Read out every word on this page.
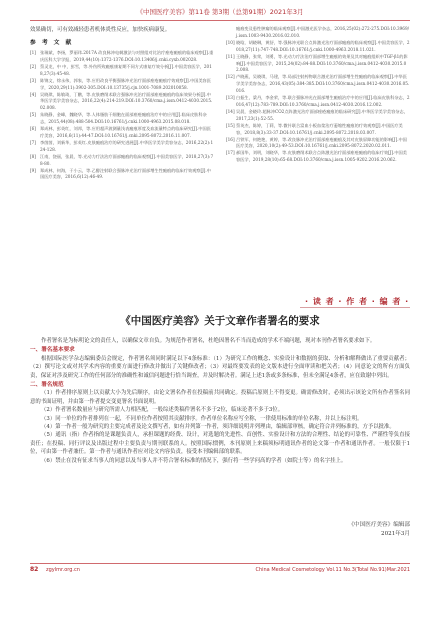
《中国医疗美容》第11卷 第3期（总第91期）2021年3月
效果确切，可有效减轻患者机体炎性反应，加快疾病康复。
参 考 文 献
[1] 张瑞斌，李扬，罗丽玮.2017A 改良脉冲电刺激法与对照组对比治疗痤疮瘢痕的临床观察[J].重庆医科大学学报，2019,44(10):1372-1376.DOI:10.13406/j.cnki.cyxb.002028.
[2] 蔡灵龙，中 中，彭雪，等.外伤所致瘢痕康复期不同方式康复疗效分析[J].中国美容医学，2018,27(3):45-48.
[3] 陈锦文，徐永伟，郭家，等.应用改良平衡强脉冲光治疗面部痤疮瘢痕疗效观察[J].中国美容医学，2020,29(11):3902-305.DOI:10.13735/j.cjn.1001-7089.202010058.
[4] 吴晓琪，陈敏琦，丁鹏，等.皮肤磨削术联合强脉冲光治疗面部痤疮瘢痕的临床效果分析[J].中华医学美学美容杂志，2016,22(4):214-219.DOI:10.3760/cma.j.issn.0412-4030.2015.02.008.
[5] 朱晓静，金峰，魏晓华，等.人体脂肪干细胞在面部痤疮瘢痕治疗中的应用[J].临床皮肤科杂志，2015,44(08):488-504.DOI:10.16761/j.cnki.1000-4963.2015.08.018.
[6] 郑成林，彭英红，刘邦，等.应用超声波测量浅表瘢痕厚度及血流量特点的临床研究[J].中国医疗美容，2016,6(11):44-47.DOI:10.16761/j.cnki.2095-8072.2016.11.007.
[7] 李茵茵，刘新华，彭英红.皮肤瘢痕治疗的研究进展[J].中华医学美学美容杂志，2016,22(2):124-128.
[8] 江南，饶丽，张晨，等.光动力疗法治疗面部瘢痕的临床观察[J].中国美容医学，2018,27(3):78-80.
[9] 郑成林，何海，于小云，等.乙醇注射联合强脉冲光治疗面部增生性瘢痕的临床疗效观察[J].中国医疗美容，2016,6(12):46-49.
瘢痕变及患性肿瘤的临床观察[J].中国激光医学杂志，2016,25(02):272-275.DOI:10.3969/j.issn.1003-9430.2016.02.010.
[10] 晓晗，胡晓琳，黄舒，等.强脉冲光联合点阵激光治疗面部瘢痕的临床观察[J].中国美容医学，2018,27(11):747-748.DOI:10.16761/j.cnki.1000-4963.2018.11.021.
[11] 王晓静，张荣，刘勇，等.光动力疗法治疗面部增生瘢痕的效果及其对瘢痕组织中TGF-β1的影响[J].中国美容医学，2015,24(02):84-88.DOI:10.3760/cma.j.issn.0412-4030.2015.02.008.
[12] 卢晓燕，吴晓琪，马建，等.局部注射药物联合激光治疗面部增生性瘢痕的临床观察[J].中华医学美学美容杂志，2016,43(05):384-385.DOI:10.3760/cma.j.issn.0412-4030.2016.05.016.
[13] 白振生，梁丹，李金荣，等.联合强脉冲光在面部增生瘢痕治疗中的应用[J].临床皮肤科杂志，2016,47(12):783-789.DOI:10.3760/cma.j.issn.0412-4030.2016.12.002.
[14] 吴晨，金晓玲.超脉冲CO2点阵激光治疗面部痤疮瘢痕的临床研究[J].中华医学美学美容杂志，2017,23(1):52-55.
[15] 蔡英杰，陈婷，丁莉，等.微针联合富血小板血浆治疗萎缩性瘢痕的疗效观察[J].中国医疗美容，2018,8(3):33-37.DOI:10.16761/j.cnki.2095-8072.2018.03.007.
[16] 吕铁军，何艳艳，黄婷，等.改良脉冲光治疗面部痤疮瘢痕及其对皮肤屏障功能的影响[J].中国医疗美容，2020,10(2):49-53.DOI:10.16761/j.cnki.2095-8072.2020.02.011.
[17] 郝国华，刘明，刘晓华，等.皮肤磨削术联合点阵激光治疗面部痤疮瘢痕的临床疗效[J].中国美容医学，2019,28(10):65-68.DOI:10.3760/cma.j.issn.1005-9202.2016.20.062.
· 读 者 · 作 者 · 编 者 ·
《中国医疗美容》关于文章作者署名的要求

作者署名是为标明论文的责任人，以确保文章自负。为规范作者署名，杜绝因署名不当而造成的学术不端问题，现对本刊作者署名要求如下。

一、署名基本要求

根据国际医学杂志编辑委员会规定，作者署名须同时满足以下4条标准：（1）为研究工作的概念、实验设计和数据的获取、分析和解释做出了重要贡献者；（2）撰写论文或对其学术内容的重要方面进行修改并做出了关键修改者；（3）对最终要发表的论文版本进行全面审读和把关者；（4）同意论文的所有方面负责，保证对涉及研究工作的任何部分的准确性和诚信问题进行恰当调查，并及时解决者。满足上述1条或多条标准，但未全满足4条者，应在致谢中列出。

二、署名规范

（1）作者排序原则上以贡献大小为先后顺序，由论文署名作者在投稿前共同确定。投稿后原则上不得变更。确需修改时，必须出示该论文所有作者签名同意的书面证明，并由第一作者提交变更署名书面说明。

（2）作者署名数量应与研究所需人力相匹配，一般综述类稿件署名不多于2位，临床论著不多于3位。

（3）同一单位的作者排列在一起，不同单位作者按照其贡献排序。作者单位名称应写全称，一律使用标准的单位名称，并以上标注明。

（4）第一作者一般为研究的主要完成者及论文撰写者，如有并列第一作者，须详细说明并列理由，编辑部审核，确定符合并列标准的，方予以批准。

（5）通讯（指）作者指的是课题负责人，承担课题的经费、设计，对选题的先进性、首创性、实验设计和方法的合理性、结论的可靠性、严谨性等负直接责任；在投稿、同行评议及出版过程中主要负责与期刊联系的人。按照国际惯例，本刊原则上来稿须标明通讯作者的论文第一作者和通讯作者。一般仅限于1位，可由第一作者兼任。第一作者与通讯作者应对论文内容负责，接受本刊编辑部的联系。

（6）禁止在没有征求当事人的同意以及当事人并不符合署名标准的情况下，强行将一些学问高的学者（如院士等）的名字挂上。

《中国医疗美容》编辑部
2021年3月
82 zgylmr.org.cn	China Medical Cosmetology Vol.11 No.3(Total No.91)Mar.2021
